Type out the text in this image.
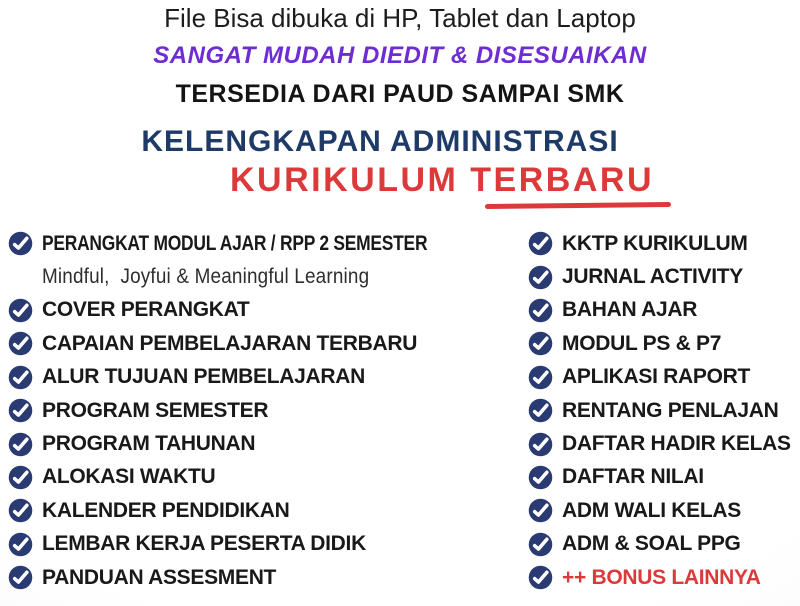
File Bisa dibuka di HP, Tablet dan Laptop
SANGAT MUDAH DIEDIT & DISESUAIKAN
TERSEDIA DARI PAUD SAMPAI SMK
KELENGKAPAN ADMINISTRASI
KURIKULUM TERBARU
PERANGKAT MODUL AJAR / RPP 2 SEMESTER
Mindful,  Joyfui & Meaningful Learning
COVER PERANGKAT
CAPAIAN PEMBELAJARAN TERBARU
ALUR TUJUAN PEMBELAJARAN
PROGRAM SEMESTER
PROGRAM TAHUNAN
ALOKASI WAKTU
KALENDER PENDIDIKAN
LEMBAR KERJA PESERTA DIDIK
PANDUAN ASSESMENT
KKTP KURIKULUM
JURNAL ACTIVITY
BAHAN AJAR
MODUL PS & P7
APLIKASI RAPORT
RENTANG PENLAJAN
DAFTAR HADIR KELAS
DAFTAR NILAI
ADM WALI KELAS
ADM & SOAL PPG
++ BONUS LAINNYA
